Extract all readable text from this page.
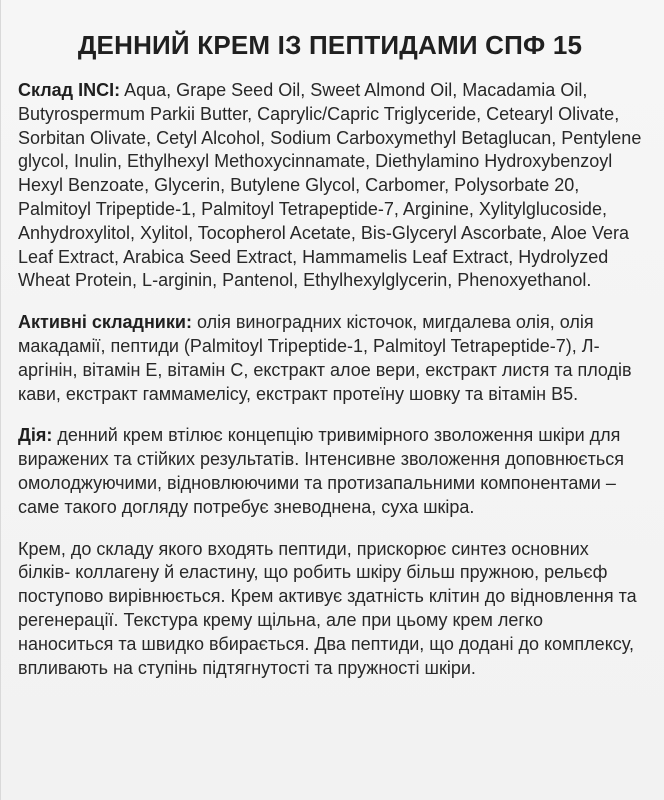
ДЕННИЙ КРЕМ ІЗ ПЕПТИДАМИ СПФ 15

Склад INCI: Aqua, Grape Seed Oil, Sweet Almond Oil, Macadamia Oil, Butyrospermum Parkii Butter, Caprylic/Capric Triglyceride, Cetearyl Olivate, Sorbitan Olivate, Cetyl Alcohol, Sodium Carboxymethyl Betaglucan, Pentylene glycol, Inulin, Ethylhexyl Methoxycinnamate, Diethylamino Hydroxybenzoyl Hexyl Benzoate, Glycerin, Butylene Glycol, Carbomer, Polysorbate 20, Palmitoyl Tripeptide-1, Palmitoyl Tetrapeptide-7, Arginine, Xylitylglucoside, Anhydroxylitol, Xylitol, Tocopherol Acetate, Bis-Glyceryl Ascorbate, Aloe Vera Leaf Extract, Arabica Seed Extract, Hammamelis Leaf Extract, Hydrolyzed Wheat Protein, L-arginin, Pantenol, Ethylhexylglycerin, Phenoxyethanol.

Активні складники: олія виноградних кісточок, мигдалева олія, олія макадамії, пептиди (Palmitoyl Tripeptide-1, Palmitoyl Tetrapeptide-7), Л-аргінін, вітамін Е, вітамін С, екстракт алое вери, екстракт листя та плодів кави, екстракт гаммамелісу, екстракт протеїну шовку та вітамін В5.

Дія: денний крем втілює концепцію тривимірного зволоження шкіри для виражених та стійких результатів. Інтенсивне зволоження доповнюється омолоджуючими, відновлюючими та протизапальними компонентами – саме такого догляду потребує зневоднена, суха шкіра.

Крем, до складу якого входять пептиди, прискорює синтез основних білків- коллагену й еластину, що робить шкіру більш пружною, рельєф поступово вирівнюється. Крем активує здатність клітин до відновлення та регенерації. Текстура крему щільна, але при цьому крем легко наноситься та швидко вбирається. Два пептиди, що додані до комплексу, впливають на ступінь підтягнутості та пружності шкіри.
